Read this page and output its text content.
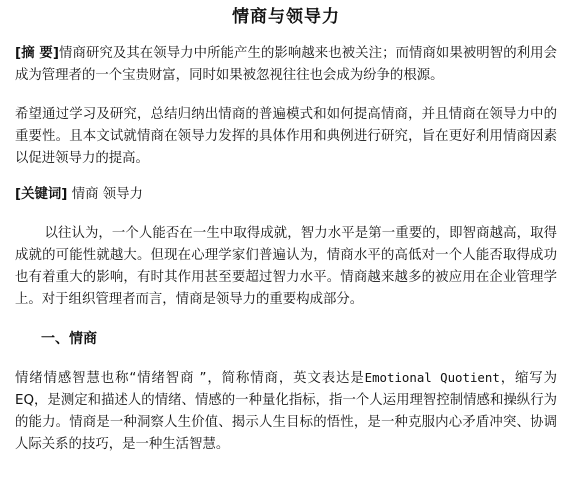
情商与领导力

[摘 要]情商研究及其在领导力中所能产生的影响越来也被关注；而情商如果被明智的利用会成为管理者的一个宝贵财富，同时如果被忽视往往也会成为纷争的根源。

希望通过学习及研究，总结归纳出情商的普遍模式和如何提高情商，并且情商在领导力中的重要性。且本文试就情商在领导力发挥的具体作用和典例进行研究，旨在更好利用情商因素以促进领导力的提高。

[关键词] 情商 领导力

以往认为，一个人能否在一生中取得成就，智力水平是第一重要的，即智商越高，取得成就的可能性就越大。但现在心理学家们普遍认为，情商水平的高低对一个人能否取得成功也有着重大的影响，有时其作用甚至要超过智力水平。情商越来越多的被应用在企业管理学上。对于组织管理者而言，情商是领导力的重要构成部分。

一、情商

情绪情感智慧也称“情绪智商 ”，简称情商，英文表达是Emotional Quotient，缩写为EQ，是测定和描述人的情绪、情感的一种量化指标，指一个人运用理智控制情感和操纵行为的能力。情商是一种洞察人生价值、揭示人生目标的悟性，是一种克服内心矛盾冲突、协调人际关系的技巧，是一种生活智慧。
